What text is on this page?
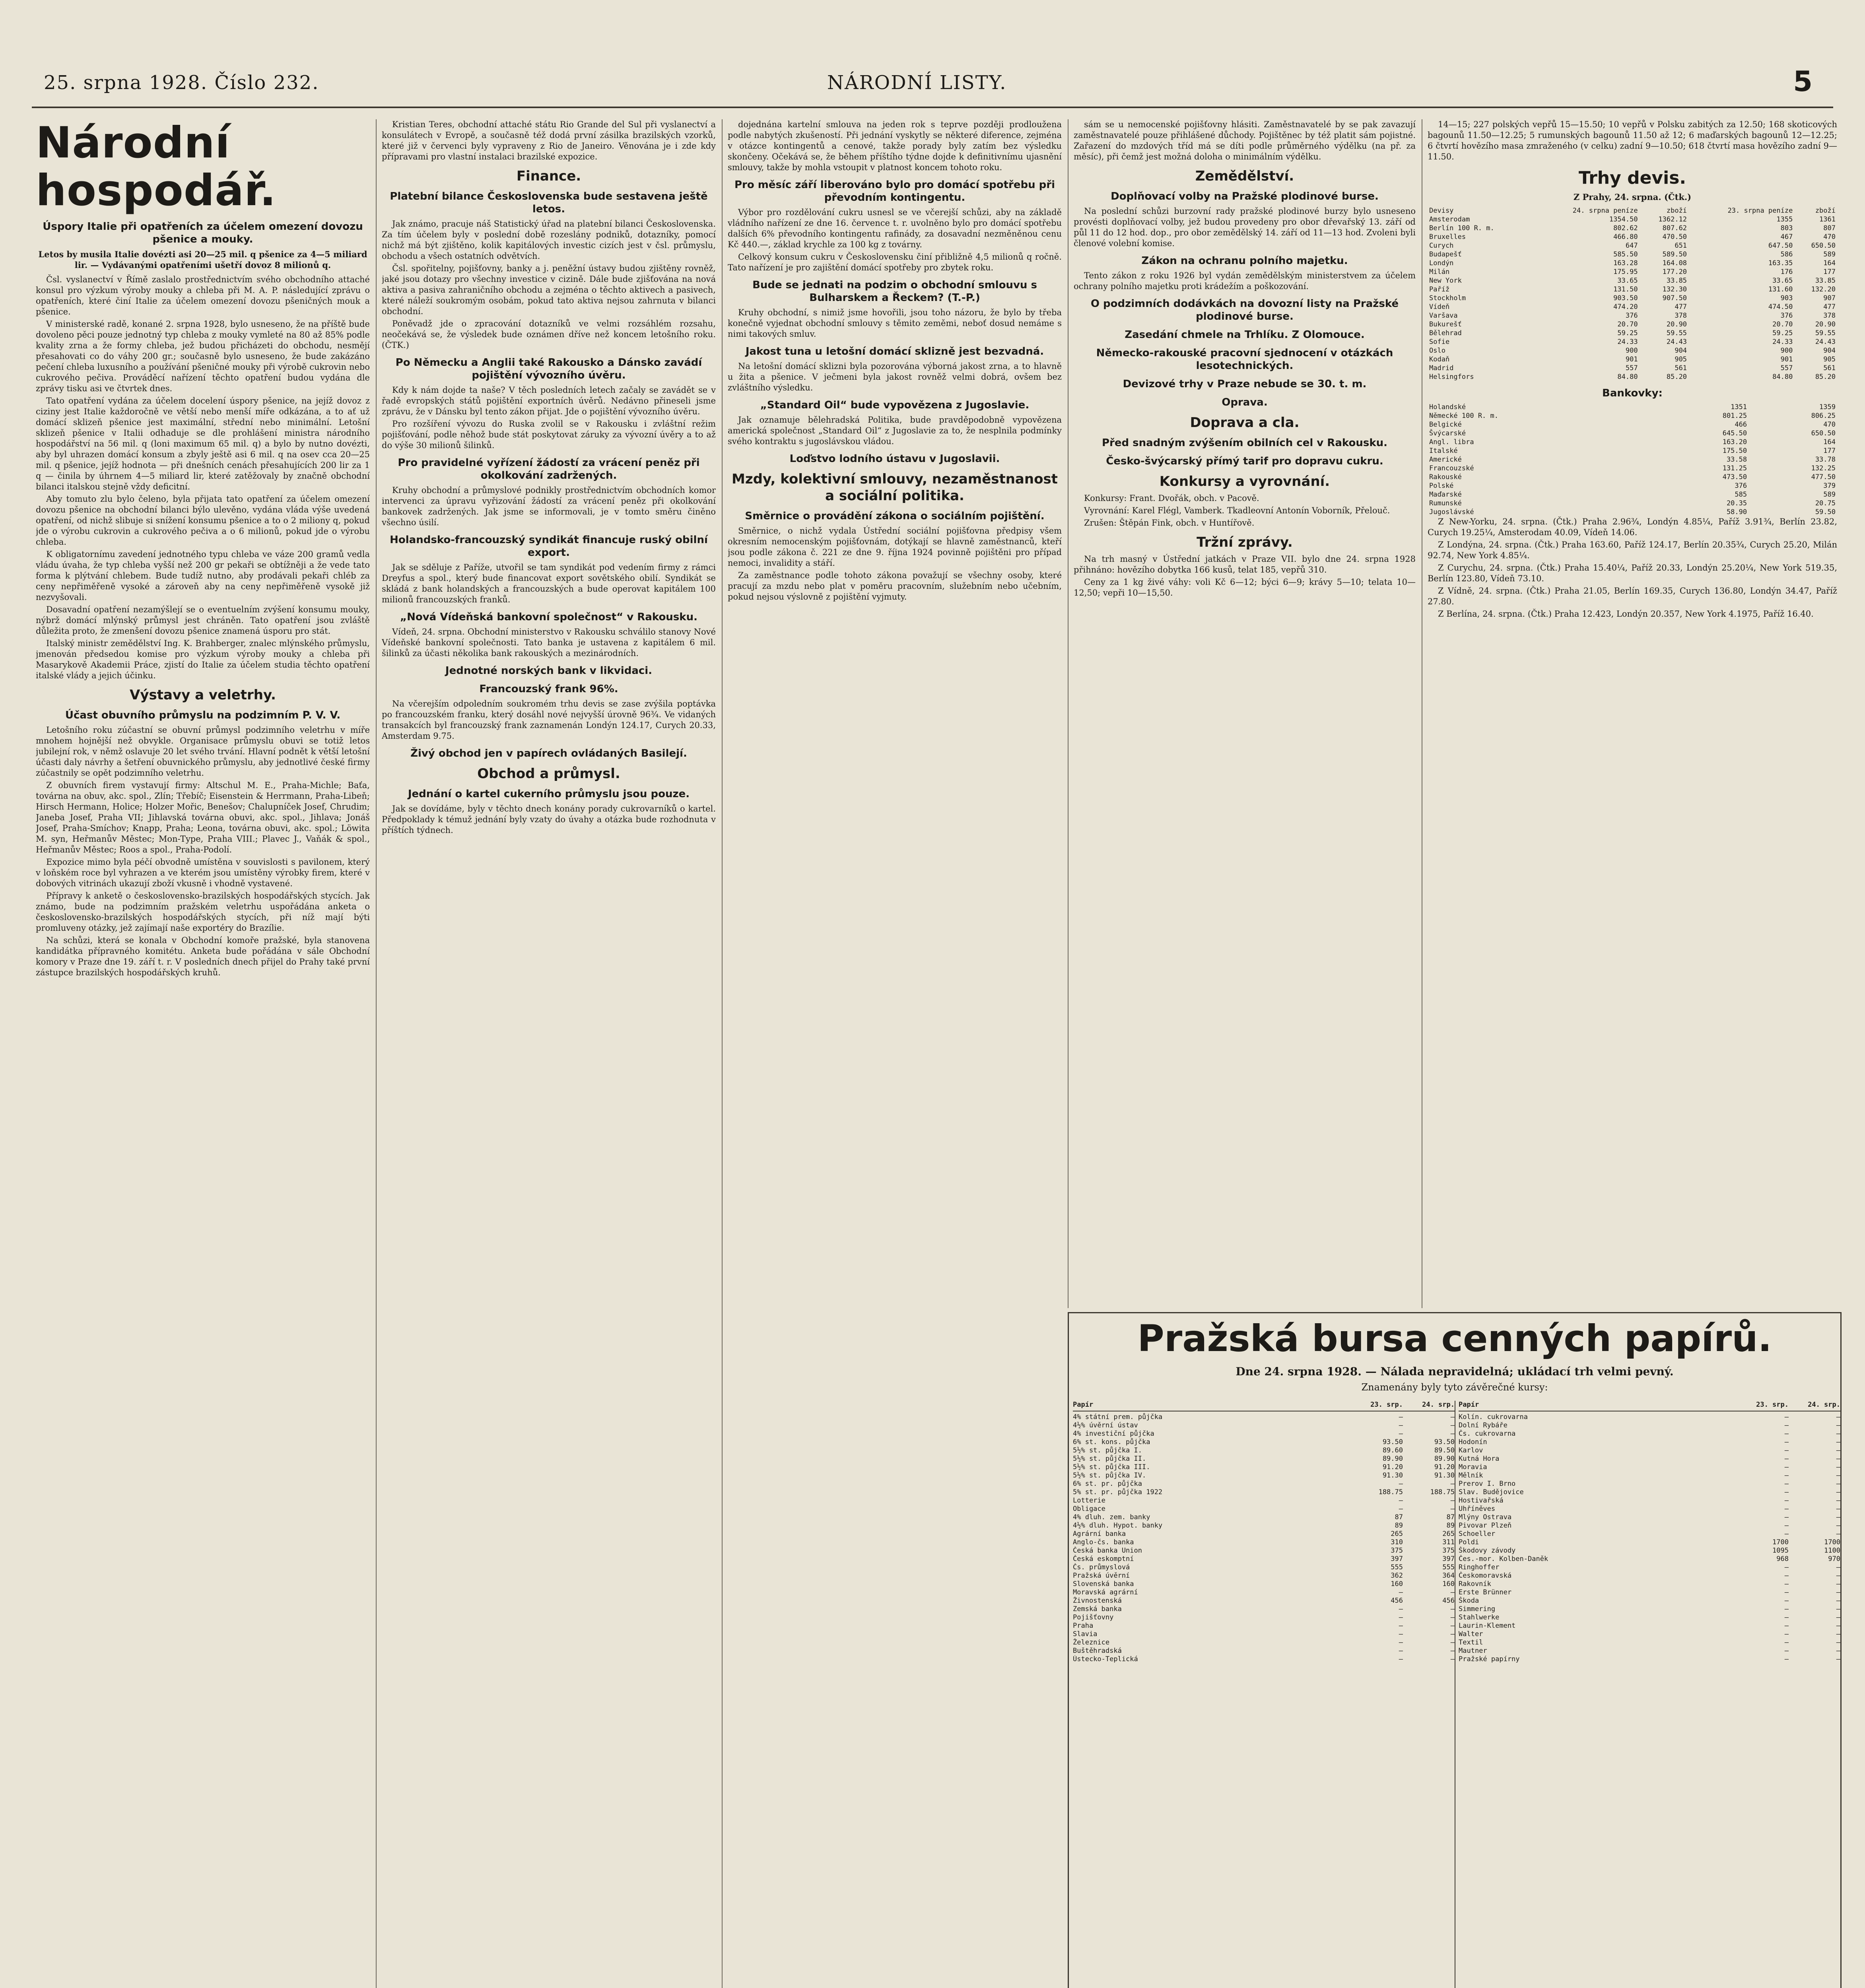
25. srpna 1928. Číslo 232.	NÁRODNÍ LISTY.	5
Národní hospodář.
Úspory Italie při opatřeních za účelem omezení dovozu pšenice a mouky.
Letos by musila Italie dovézti asi 20—25 mil. q pšenice za 4—5 miliard lir. — Vydávanými opatřeními ušetří dovoz 8 milionů q.

Čsl. vyslanectví v Římě zaslalo prostřednictvím svého obchodního attaché konsul pro výzkum výroby mouky a chleba při M. A. P. následující zprávu o opatřeních, které činí Italie za účelem omezení dovozu pšeničných mouk a pšenice.

V ministerské radě, konané 2. srpna 1928, bylo usneseno, že na příště bude dovoleno pěci pouze jednotný typ chleba z mouky vymleté na 80 až 85% podle kvality zrna a že formy chleba, jež budou přicházeti do obchodu, nesmějí přesahovati co do váhy 200 gr.; současně bylo usneseno, že bude zakázáno pečení chleba luxusního a používání pšeničné mouky při výrobě cukrovin nebo cukrového pečiva. Prováděcí nařízení těchto opatření budou vydána dle zprávy tisku asi ve čtvrtek dnes.

Tato opatření vydána za účelem docelení úspory pšenice, na jejíž dovoz z ciziny jest Italie každoročně ve větší nebo menší míře odkázána, a to ať už domácí sklizeň pšenice jest maximální, střední nebo minimální. Letošní sklizeň pšenice v Italii odhaduje se dle prohlášení ministra národního hospodářství na 56 mil. q (loni maximum 65 mil. q) a bylo by nutno dovézti, aby byl uhrazen domácí konsum a zbyly ještě asi 6 mil. q na osev cca 20—25 mil. q pšenice, jejíž hodnota — při dnešních cenách přesahujících 200 lir za 1 q — činila by úhrnem 4—5 miliard lir, které zatěžovaly by značně obchodní bilanci italskou stejně vždy deficitní.

Aby tomuto zlu bylo čeleno, byla přijata tato opatření za účelem omezení dovozu pšenice na obchodní bilanci býlo ulevěno, vydána vláda výše uvedená opatření, od nichž slibuje si snížení konsumu pšenice a to o 2 miliony q, pokud jde o výrobu cukrovin a cukrového pečiva a o 6 milionů, pokud jde o výrobu chleba.

K obligatornímu zavedení jednotného typu chleba ve váze 200 gramů vedla vládu úvaha, že typ chleba vyšší než 200 gr pekaři se obtížněji a že vede tato forma k plýtvání chlebem. Bude tudíž nutno, aby prodávali pekaři chléb za ceny nepřiměřeně vysoké a zároveň aby na ceny nepřiměřeně vysokě již nezvyšovali.

Dosavadní opatření nezamýšlejí se o eventuelním zvýšení konsumu mouky, nýbrž domácí mlýnský průmysl jest chráněn. Tato opatření jsou zvláště důležita proto, že zmenšení dovozu pšenice znamená úsporu pro stát.

Italský ministr zemědělství Ing. K. Brahberger, znalec mlýnského průmyslu, jmenován předsedou komise pro výzkum výroby mouky a chleba při Masarykově Akademii Práce, zjistí do Italie za účelem studia těchto opatření italské vlády a jejich účinku.

Výstavy a veletrhy.
Účast obuvního průmyslu na podzimním P. V. V.

Letošního roku zúčastní se obuvní průmysl podzimního veletrhu v míře mnohem hojnější než obvykle. Organisace průmyslu obuvi se totiž letos jubilejní rok, v němž oslavuje 20 let svého trvání. Hlavní podnět k větší letošní účasti daly návrhy a šetření obuvnického průmyslu, aby jednotlivé české firmy zúčastnily se opět podzimního veletrhu.

Z obuvních firem vystavují firmy: Altschul M. E., Praha-Michle; Baťa, továrna na obuv, akc. spol., Zlín; Třebíč; Eisenstein & Herrmann, Praha-Libeň; Hirsch Hermann, Holice; Holzer Mořic, Benešov; Chalupníček Josef, Chrudim; Janeba Josef, Praha VII; Jihlavská továrna obuvi, akc. spol., Jihlava; Jonáš Josef, Praha-Smíchov; Knapp, Praha; Leona, továrna obuvi, akc. spol.; Löwita M. syn, Heřmanův Městec; Mon-Type, Praha VIII.; Plavec J., Vaňák & spol., Heřmanův Městec; Roos a spol., Praha-Podolí.

Expozice mimo byla péčí obvodně umístěna v souvislosti s pavilonem, který v loňském roce byl vyhrazen a ve kterém jsou umístěny výrobky firem, které v dobových vitrinách ukazují zboží vkusně i vhodně vystavené.

Přípravy k anketě o československo-brazilských hospodářských stycích. Jak známo, bude na podzimním pražském veletrhu uspořádána anketa o československo-brazilských hospodářských stycích, při níž mají býti promluveny otázky, jež zajímají naše exportéry do Brazílie.

Na schůzi, která se konala v Obchodní komoře pražské, byla stanovena kandidátka přípravného komitétu. Anketa bude pořádána v sále Obchodní komory v Praze dne 19. září t. r. V posledních dnech přijel do Prahy také první zástupce brazilských hospodářských kruhů.

Kristian Teres, obchodní attaché státu Rio Grande del Sul při vyslanectví a konsulátech v Evropě, a současně též dodá první zásilka brazilských vzorků, které již v červenci byly vypraveny z Rio de Janeiro. Věnována je i zde kdy přípravami pro vlastní instalaci brazilské expozice.

Finance.
Platební bilance Československa bude sestavena ještě letos.

Jak známo, pracuje náš Statistický úřad na platební bilanci Československa. Za tím účelem byly v poslední době rozeslány podniků, dotazníky, pomocí nichž má být zjištěno, kolik kapitálových investic cizích jest v čsl. průmyslu, obchodu a všech ostatních odvětvích.

Čsl. spořitelny, pojišťovny, banky a j. peněžní ústavy budou zjištěny rovněž, jaké jsou dotazy pro všechny investice v cizině. Dále bude zjišťována na nová aktiva a pasiva zahraničního obchodu a zejména o těchto aktivech a pasivech, které náleží soukromým osobám, pokud tato aktiva nejsou zahrnuta v bilanci obchodní.

Poněvadž jde o zpracování dotazníků ve velmi rozsáhlém rozsahu, neočekává se, že výsledek bude oznámen dříve než koncem letošního roku. (ČTK.)

Po Německu a Anglii také Rakousko a Dánsko zavádí pojištění vývozního úvěru.

Kdy k nám dojde ta naše? V těch posledních letech začaly se zavádět se v řadě evropských států pojištění exportních úvěrů. Nedávno přineseli jsme zprávu, že v Dánsku byl tento zákon přijat. Jde o pojištění vývozního úvěru.

Pro rozšíření vývozu do Ruska zvolil se v Rakousku i zvláštní režim pojišťování, podle něhož bude stát poskytovat záruky za vývozní úvěry a to až do výše 30 milionů šilinků.

Pro pravidelné vyřízení žádostí za vrácení peněz při okolkování zadržených.

Kruhy obchodní a průmyslové podnikly prostřednictvím obchodních komor intervenci za úpravu vyřizování žádostí za vrácení peněz při okolkování bankovek zadržených. Jak jsme se informovali, je v tomto směru činěno všechno úsilí.

Holandsko-francouzský syndikát financuje ruský obilní export.

Jak se sděluje z Paříže, utvořil se tam syndikát pod vedením firmy z rámci Dreyfus a spol., který bude financovat export sovětského obilí. Syndikát se skládá z bank holandských a francouzských a bude operovat kapitálem 100 milionů francouzských franků.

„Nová Vídeňská bankovní společnost“ v Rakousku.

Vídeň, 24. srpna. Obchodní ministerstvo v Rakousku schválilo stanovy Nové Vídeňské bankovní společnosti. Tato banka je ustavena z kapitálem 6 mil. šilinků za účasti několika bank rakouských a mezinárodních.

Jednotné norských bank v likvidaci.
Francouzský frank 96%.

Na včerejším odpoledním soukromém trhu devis se zase zvýšila poptávka po francouzském franku, který dosáhl nové nejvyšší úrovně 96¾. Ve vidaných transakcích byl francouzský frank zaznamenán Londýn 124.17, Curych 20.33, Amsterdam 9.75.

Živý obchod jen v papírech ovládaných Basilejí.
Obchod a průmysl.
Jednání o kartel cukerního průmyslu jsou pouze.

Jak se dovídáme, byly v těchto dnech konány porady cukrovarníků o kartel. Předpoklady k témuž jednání byly vzaty do úvahy a otázka bude rozhodnuta v příštích týdnech.

dojednána kartelní smlouva na jeden rok s teprve později prodloužena podle nabytých zkušeností. Při jednání vyskytly se některé diference, zejména v otázce kontingentů a cenové, takže porady byly zatím bez výsledku skončeny. Očekává se, že během příštího týdne dojde k definitivnímu ujasnění smlouvy, takže by mohla vstoupit v platnost koncem tohoto roku.

Pro měsíc září liberováno bylo pro domácí spotřebu při převodním kontingentu.

Výbor pro rozdělování cukru usnesl se ve včerejší schůzi, aby na základě vládního nařízení ze dne 16. července t. r. uvolněno bylo pro domácí spotřebu dalších 6% převodního kontingentu rafinády, za dosavadní nezměněnou cenu Kč 440.—, základ krychle za 100 kg z továrny.

Celkový konsum cukru v Československu činí přibližně 4,5 milionů q ročně. Tato nařízení je pro zajištění domácí spotřeby pro zbytek roku.

Bude se jednati na podzim o obchodní smlouvu s Bulharskem a Řeckem? (T.-P.)

Kruhy obchodní, s nimiž jsme hovořili, jsou toho názoru, že bylo by třeba konečně vyjednat obchodní smlouvy s těmito zeměmi, neboť dosud nemáme s nimi takových smluv.

Jakost tuna u letošní domácí sklizně jest bezvadná.

Na letošní domácí sklizni byla pozorována výborná jakost zrna, a to hlavně u žita a pšenice. V ječmeni byla jakost rovněž velmi dobrá, ovšem bez zvláštního výsledku.

„Standard Oil“ bude vypovězena z Jugoslavie.

Jak oznamuje bělehradská Politika, bude pravděpodobně vypovězena americká společnost „Standard Oil“ z Jugoslavie za to, že nesplnila podmínky svého kontraktu s jugoslávskou vládou.

Loďstvo lodního ústavu v Jugoslavii.
Mzdy, kolektivní smlouvy, nezaměstnanost a sociální politika.
Směrnice o provádění zákona o sociálním pojištění.

Směrnice, o nichž vydala Ústřední sociální pojišťovna předpisy všem okresním nemocenským pojišťovnám, dotýkají se hlavně zaměstnanců, kteří jsou podle zákona č. 221 ze dne 9. října 1924 povinně pojištěni pro případ nemoci, invalidity a stáří.

Za zaměstnance podle tohoto zákona považují se všechny osoby, které pracují za mzdu nebo plat v poměru pracovním, služebním nebo učebním, pokud nejsou výslovně z pojištění vyjmuty.

sám se u nemocenské pojišťovny hlásiti. Zaměstnavatelé by se pak zavazují zaměstnavatelé pouze přihlášené důchody. Pojištěnec by též platit sám pojistné. Zařazení do mzdových tříd má se díti podle průměrného výdělku (na př. za měsíc), při čemž jest možná doloha o minimálním výdělku.

Zemědělství.
Doplňovací volby na Pražské plodinové burse.

Na poslední schůzi burzovní rady pražské plodinové burzy bylo usneseno provésti doplňovací volby, jež budou provedeny pro obor dřevařský 13. září od půl 11 do 12 hod. dop., pro obor zemědělský 14. září od 11—13 hod. Zvoleni byli členové volební komise.

Zákon na ochranu polního majetku.

Tento zákon z roku 1926 byl vydán zemědělským ministerstvem za účelem ochrany polního majetku proti krádežím a poškozování.

O podzimních dodávkách na dovozní listy na Pražské plodinové burse.
Zasedání chmele na Trhlíku. Z Olomouce.
Německo-rakouské pracovní sjednocení v otázkách lesotechnických.
Devizové trhy v Praze nebude se 30. t. m.
Oprava.
Doprava a cla.
Před snadným zvýšením obilních cel v Rakousku.
Česko-švýcarský přímý tarif pro dopravu cukru.
Konkursy a vyrovnání.

Konkursy: Frant. Dvořák, obch. v Pacově.

Vyrovnání: Karel Flégl, Vamberk. Tkadleovní Antonín Voborník, Přelouč.

Zrušen: Štěpán Fink, obch. v Huntířově.

Tržní zprávy.

Na trh masný v Ústřední jatkách v Praze VII. bylo dne 24. srpna 1928 přihnáno: hovězího dobytka 166 kusů, telat 185, vepřů 310.

Ceny za 1 kg živé váhy: voli Kč 6—12; býci 6—9; krávy 5—10; telata 10—12,50; vepři 10—15,50.

14—15; 227 polských vepřů 15—15.50; 10 vepřů v Polsku zabitých za 12.50; 168 skoticových bagounů 11.50—12.25; 5 rumunských bagounů 11.50 až 12; 6 maďarských bagounů 12—12.25; 6 čtvrtí hovězího masa zmraženého (v celku) zadní 9—10.50; 618 čtvrtí masa hovězího zadní 9—11.50.

Trhy devis.
Z Prahy, 24. srpna. (Čtk.)
Devisy	24. srpna peníze	zboží	23. srpna peníze	zboží
Amsterodam	1354.50	1362.12	1355	1361
Berlín 100 R. m.	802.62	807.62	803	807
Bruxelles	466.80	470.50	467	470
Curych	647	651	647.50	650.50
Budapešť	585.50	589.50	586	589
Londýn	163.28	164.08	163.35	164
Milán	175.95	177.20	176	177
New York	33.65	33.85	33.65	33.85
Paříž	131.50	132.30	131.60	132.20
Stockholm	903.50	907.50	903	907
Vídeň	474.20	477	474.50	477
Varšava	376	378	376	378
Bukurešť	20.70	20.90	20.70	20.90
Bělehrad	59.25	59.55	59.25	59.55
Sofie	24.33	24.43	24.33	24.43
Oslo	900	904	900	904
Kodaň	901	905	901	905
Madrid	557	561	557	561
Helsingfors	84.80	85.20	84.80	85.20
Bankovky:
Holandské	1351	1359
Německé 100 R. m.	801.25	806.25
Belgické	466	470
Švýcarské	645.50	650.50
Angl. libra	163.20	164
Italské	175.50	177
Americké	33.58	33.78
Francouzské	131.25	132.25
Rakouské	473.50	477.50
Polské	376	379
Maďarské	585	589
Rumunské	20.35	20.75
Jugoslávské	58.90	59.50

Z New-Yorku, 24. srpna. (Čtk.) Praha 2.96¾, Londýn 4.85¼, Paříž 3.91¾, Berlín 23.82, Curych 19.25¼, Amsterodam 40.09, Vídeň 14.06.

Z Londýna, 24. srpna. (Čtk.) Praha 163.60, Paříž 124.17, Berlín 20.35¾, Curych 25.20, Milán 92.74, New York 4.85¼.

Z Curychu, 24. srpna. (Čtk.) Praha 15.40¼, Paříž 20.33, Londýn 25.20¼, New York 519.35, Berlín 123.80, Vídeň 73.10.

Z Vídně, 24. srpna. (Čtk.) Praha 21.05, Berlín 169.35, Curych 136.80, Londýn 34.47, Paříž 27.80.

Z Berlína, 24. srpna. (Čtk.) Praha 12.423, Londýn 20.357, New York 4.1975, Paříž 16.40.

Pražská bursa cenných papírů.
Dne 24. srpna 1928. — Nálada nepravidelná; ukládací trh velmi pevný.
Znamenány byly tyto závěrečné kursy:
Papír	23. srp.	24. srp.
4% státní prem. půjčka	—	—
4½% úvěrní ústav	—	—
4% investiční půjčka	—	—
6% st. kons. půjčka	93.50	93.50
5½% st. půjčka I.	89.60	89.50
5½% st. půjčka II.	89.90	89.90
5½% st. půjčka III.	91.20	91.20
5½% st. půjčka IV.	91.30	91.30
6% st. pr. půjčka	—	—
5% st. pr. půjčka 1922	188.75	188.75
Lotterie	—	—
Obligace	—	—
4% dluh. zem. banky	87	87
4½% dluh. Hypot. banky	89	89
Agrární banka	265	265
Anglo-čs. banka	310	311
Česká banka Union	375	375
Česká eskomptní	397	397
Čs. průmyslová	555	555
Pražská úvěrní	362	364
Slovenská banka	160	160
Moravská agrární	—	—
Živnostenská	456	456
Zemská banka	—	—
Pojišťovny	—	—
Praha	—	—
Slavia	—	—
Železnice	—	—
Buštěhradská	—	—
Ústecko-Teplická	—	—
Papír	23. srp.	24. srp.
Kolín. cukrovarna	—	—
Dolní Rybáře	—	—
Čs. cukrovarna	—	—
Hodonín	—	—
Karlov	—	—
Kutná Hora	—	—
Moravia	—	—
Mělník	—	—
Prerov I. Brno	—	—
Slav. Budějovice	—	—
Hostivařská	—	—
Uhříněves	—	—
Mlýny Ostrava	—	—
Pivovar Plzeň	—	—
Schoeller	—	—
Poldi	1700	1700
Škodovy závody	1095	1100
Čes.-mor. Kolben-Daněk	968	970
Ringhoffer	—	—
Českomoravská	—	—
Rakovník	—	—
Erste Brünner	—	—
Škoda	—	—
Simmering	—	—
Stahlwerke	—	—
Laurin-Klement	—	—
Walter	—	—
Textil	—	—
Mautner	—	—
Pražské papírny	—	—
